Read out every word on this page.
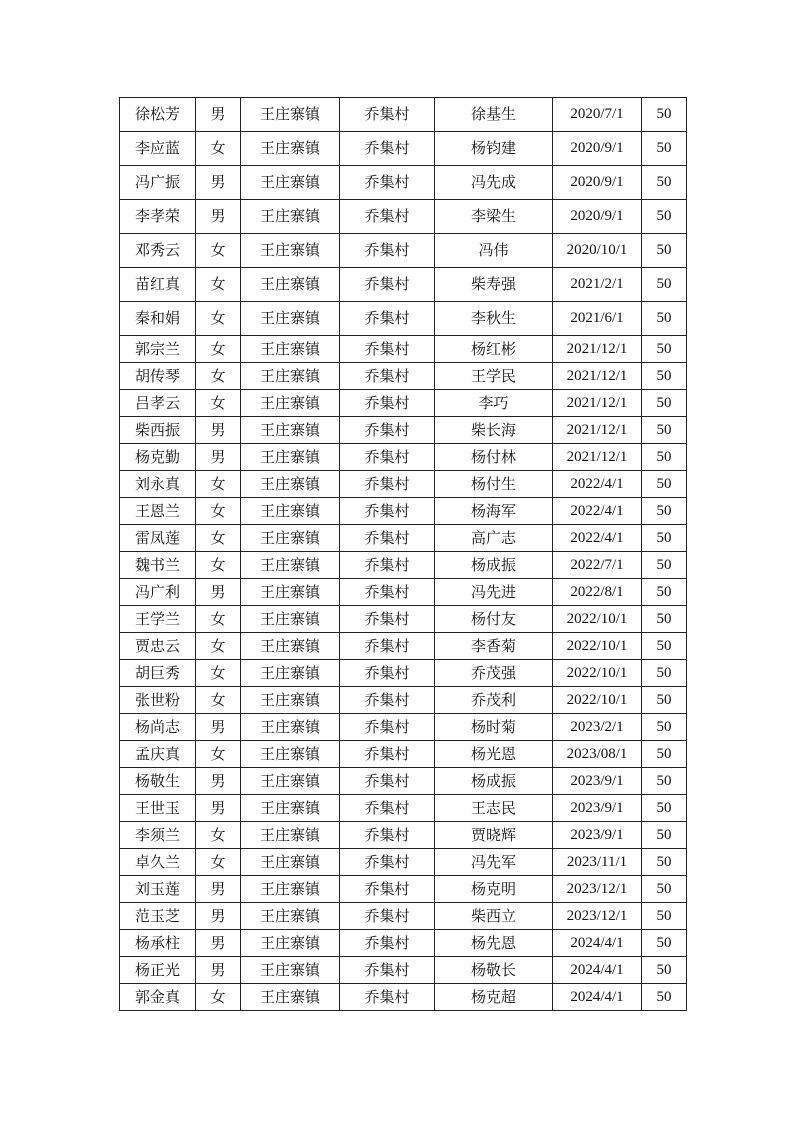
徐松芳	男	王庄寨镇	乔集村	徐基生	2020/7/1	50
李应蓝	女	王庄寨镇	乔集村	杨钧建	2020/9/1	50
冯广振	男	王庄寨镇	乔集村	冯先成	2020/9/1	50
李孝荣	男	王庄寨镇	乔集村	李梁生	2020/9/1	50
邓秀云	女	王庄寨镇	乔集村	冯伟	2020/10/1	50
苗红真	女	王庄寨镇	乔集村	柴寿强	2021/2/1	50
秦和娟	女	王庄寨镇	乔集村	李秋生	2021/6/1	50
郭宗兰	女	王庄寨镇	乔集村	杨红彬	2021/12/1	50
胡传琴	女	王庄寨镇	乔集村	王学民	2021/12/1	50
吕孝云	女	王庄寨镇	乔集村	李巧	2021/12/1	50
柴西振	男	王庄寨镇	乔集村	柴长海	2021/12/1	50
杨克勤	男	王庄寨镇	乔集村	杨付林	2021/12/1	50
刘永真	女	王庄寨镇	乔集村	杨付生	2022/4/1	50
王恩兰	女	王庄寨镇	乔集村	杨海军	2022/4/1	50
雷凤莲	女	王庄寨镇	乔集村	高广志	2022/4/1	50
魏书兰	女	王庄寨镇	乔集村	杨成振	2022/7/1	50
冯广利	男	王庄寨镇	乔集村	冯先进	2022/8/1	50
王学兰	女	王庄寨镇	乔集村	杨付友	2022/10/1	50
贾忠云	女	王庄寨镇	乔集村	李香菊	2022/10/1	50
胡巨秀	女	王庄寨镇	乔集村	乔茂强	2022/10/1	50
张世粉	女	王庄寨镇	乔集村	乔茂利	2022/10/1	50
杨尚志	男	王庄寨镇	乔集村	杨时菊	2023/2/1	50
孟庆真	女	王庄寨镇	乔集村	杨光恩	2023/08/1	50
杨敬生	男	王庄寨镇	乔集村	杨成振	2023/9/1	50
王世玉	男	王庄寨镇	乔集村	王志民	2023/9/1	50
李须兰	女	王庄寨镇	乔集村	贾晓辉	2023/9/1	50
卓久兰	女	王庄寨镇	乔集村	冯先军	2023/11/1	50
刘玉莲	男	王庄寨镇	乔集村	杨克明	2023/12/1	50
范玉芝	男	王庄寨镇	乔集村	柴西立	2023/12/1	50
杨承柱	男	王庄寨镇	乔集村	杨先恩	2024/4/1	50
杨正光	男	王庄寨镇	乔集村	杨敬长	2024/4/1	50
郭金真	女	王庄寨镇	乔集村	杨克超	2024/4/1	50
